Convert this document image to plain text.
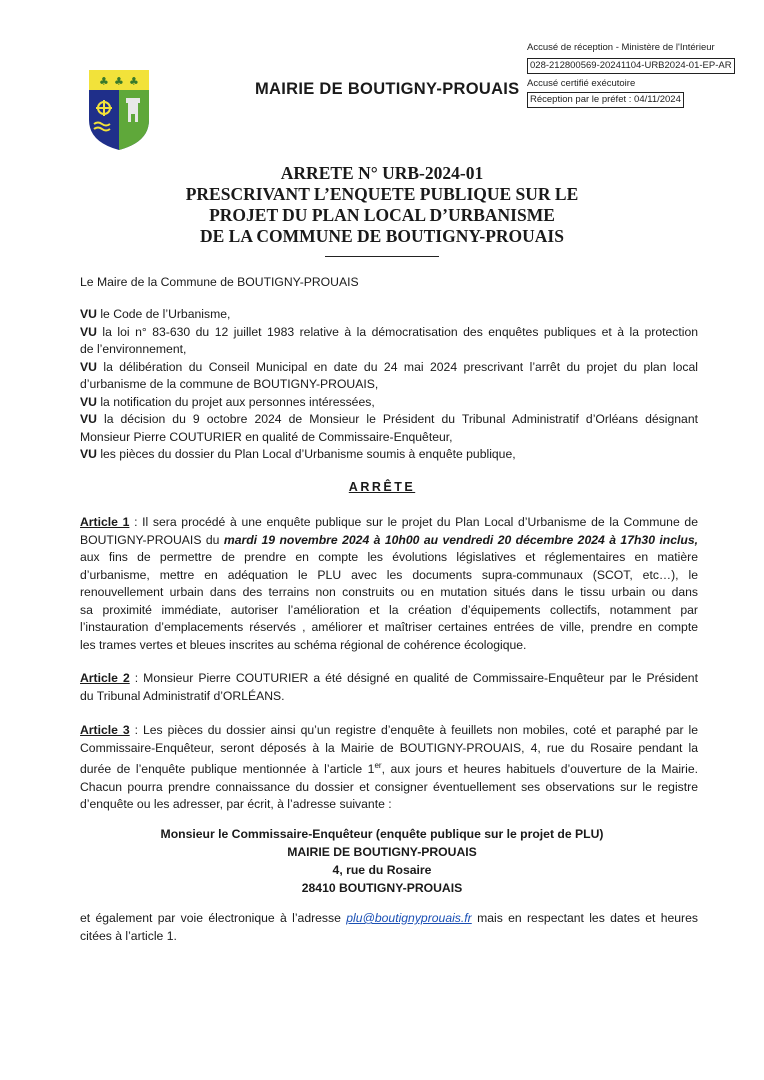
Accusé de réception - Ministère de l'Intérieur
028-212800569-20241104-URB2024-01-EP-AR
Accusé certifié exécutoire
Réception par le préfet : 04/11/2024
♣ ♣ ♣	MAIRIE DE BOUTIGNY-PROUAIS
ARRETE N° URB-2024-01
PRESCRIVANT L’ENQUETE PUBLIQUE SUR LE
PROJET DU PLAN LOCAL D’URBANISME
DE LA COMMUNE DE BOUTIGNY-PROUAIS
Le Maire de la Commune de BOUTIGNY-PROUAIS
VU le Code de l’Urbanisme,
VU la loi n° 83-630 du 12 juillet 1983 relative à la démocratisation des enquêtes publiques et à la protection
de l’environnement,
VU la délibération du Conseil Municipal en date du 24 mai 2024 prescrivant l’arrêt du projet du plan local
d’urbanisme de la commune de BOUTIGNY-PROUAIS,
VU la notification du projet aux personnes intéressées,
VU la décision du 9 octobre 2024 de Monsieur le Président du Tribunal Administratif d’Orléans désignant
Monsieur Pierre COUTURIER en qualité de Commissaire-Enquêteur,
VU les pièces du dossier du Plan Local d’Urbanisme soumis à enquête publique,
ARRÊTE
Article 1 : Il sera procédé à une enquête publique sur le projet du Plan Local d’Urbanisme de la Commune de
BOUTIGNY-PROUAIS du mardi 19 novembre 2024 à 10h00 au vendredi 20 décembre 2024 à 17h30 inclus,
aux fins de permettre de prendre en compte les évolutions législatives et réglementaires en matière
d’urbanisme, mettre en adéquation le PLU avec les documents supra-communaux (SCOT, etc…), le
renouvellement urbain dans des terrains non construits ou en mutation situés dans le tissu urbain ou dans
sa proximité immédiate, autoriser l’amélioration et la création d’équipements collectifs, notamment par
l’instauration d’emplacements réservés , améliorer et maîtriser certaines entrées de ville, prendre en compte
les trames vertes et bleues inscrites au schéma régional de cohérence écologique.
Article 2 : Monsieur Pierre COUTURIER a été désigné en qualité de Commissaire-Enquêteur par le Président
du Tribunal Administratif d’ORLÉANS.
Article 3 : Les pièces du dossier ainsi qu’un registre d’enquête à feuillets non mobiles, coté et paraphé par le
Commissaire-Enquêteur, seront déposés à la Mairie de BOUTIGNY-PROUAIS, 4, rue du Rosaire pendant la
durée de l’enquête publique mentionnée à l’article 1er, aux jours et heures habituels d’ouverture de la Mairie.
Chacun pourra prendre connaissance du dossier et consigner éventuellement ses observations sur le registre
d’enquête ou les adresser, par écrit, à l’adresse suivante :
Monsieur le Commissaire-Enquêteur (enquête publique sur le projet de PLU)
MAIRIE DE BOUTIGNY-PROUAIS
4, rue du Rosaire
28410 BOUTIGNY-PROUAIS
et également par voie électronique à l’adresse plu@boutignyprouais.fr mais en respectant les dates et heures
citées à l’article 1.
